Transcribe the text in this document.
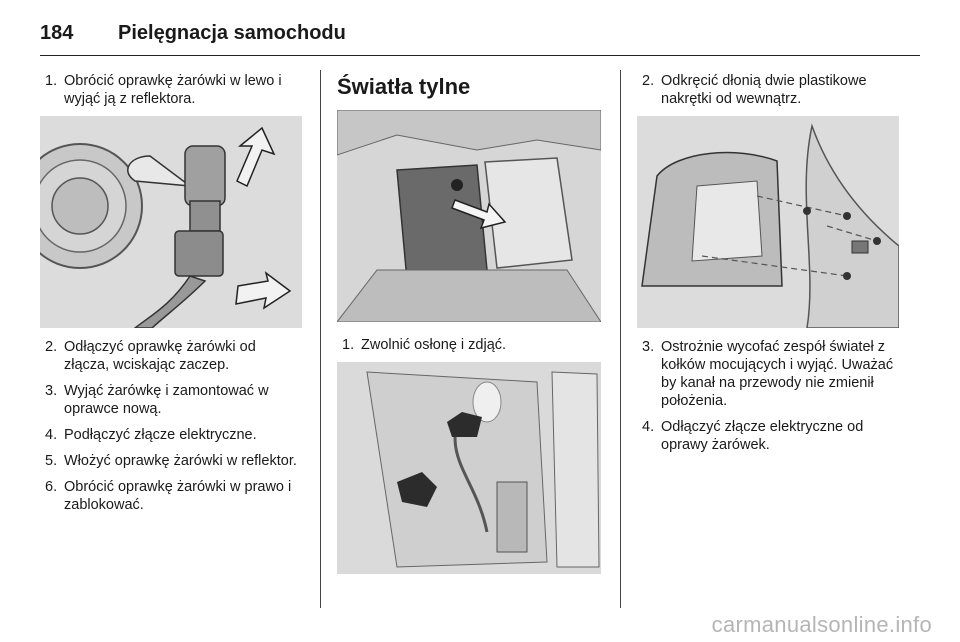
184 Pielęgnacja samochodu
1. Obrócić oprawkę żarówki w lewo i wyjąć ją z reflektora.
2. Odłączyć oprawkę żarówki od złącza, wciskając zaczep.
3. Wyjąć żarówkę i zamontować w oprawce nową.
4. Podłączyć złącze elektryczne.
5. Włożyć oprawkę żarówki w reflektor.
6. Obrócić oprawkę żarówki w prawo i zablokować.
Światła tylne
1. Zwolnić osłonę i zdjąć.
2. Odkręcić dłonią dwie plastikowe nakrętki od wewnątrz.
3. Ostrożnie wycofać zespół świateł z kołków mocujących i wyjąć. Uważać by kanał na przewody nie zmienił położenia.
4. Odłączyć złącze elektryczne od oprawy żarówek.
carmanualsonline.info
